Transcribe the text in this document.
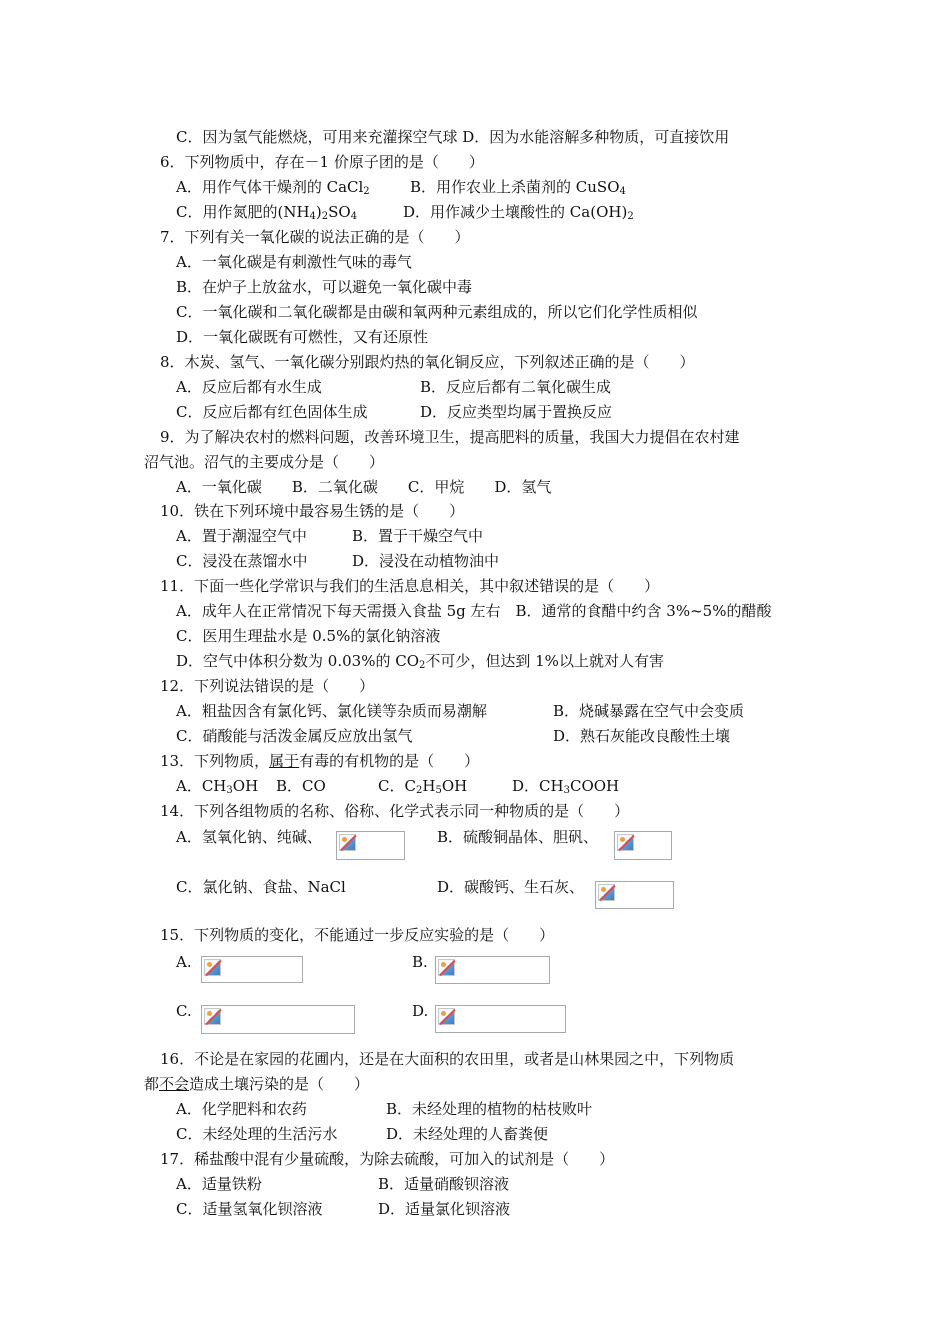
C．因为氢气能燃烧，可用来充灌探空气球 D．因为水能溶解多种物质，可直接饮用
6．下列物质中，存在－1 价原子团的是（　　）
A．用作气体干燥剂的 CaCl$_2$	B．用作农业上杀菌剂的 CuSO$_4$
C．用作氮肥的$(NH_4)_2SO_4$	D．用作减少土壤酸性的 $Ca(OH)_2$
7．下列有关一氧化碳的说法正确的是（　　）
A．一氧化碳是有刺激性气味的毒气
B．在炉子上放盆水，可以避免一氧化碳中毒
C．一氧化碳和二氧化碳都是由碳和氧两种元素组成的，所以它们化学性质相似
D．一氧化碳既有可燃性，又有还原性
8．木炭、氢气、一氧化碳分别跟灼热的氧化铜反应，下列叙述正确的是（　　）
A．反应后都有水生成	B．反应后都有二氧化碳生成
C．反应后都有红色固体生成	D．反应类型均属于置换反应
9．为了解决农村的燃料问题，改善环境卫生，提高肥料的质量，我国大力提倡在农村建
沼气池。沼气的主要成分是（　　）
A．一氧化碳　　B．二氧化碳　　C．甲烷　　D．氢气
10．铁在下列环境中最容易生锈的是（　　）
A．置于潮湿空气中	B．置于干燥空气中
C．浸没在蒸馏水中	D．浸没在动植物油中
11．下面一些化学常识与我们的生活息息相关，其中叙述错误的是（　　）
A．成年人在正常情况下每天需摄入食盐 5g 左右　B．通常的食醋中约含 3%~5%的醋酸
C．医用生理盐水是 0.5%的氯化钠溶液
D．空气中体积分数为 0.03%的 $CO_2$不可少，但达到 1%以上就对人有害
12．下列说法错误的是（　　）
A．粗盐因含有氯化钙、氯化镁等杂质而易潮解	B．烧碱暴露在空气中会变质
C．硝酸能与活泼金属反应放出氢气	D．熟石灰能改良酸性土壤
13．下列物质，属于有毒的有机物的是（　　）
A．$CH_3OH$ B．CO	C．$C_2H_5OH$	D．$CH_3COOH$
14．下列各组物质的名称、俗称、化学式表示同一种物质的是（　　）
A．氢氧化钠、纯碱、	B．硫酸铜晶体、胆矾、
C．氯化钠、食盐、NaCl	D．碳酸钙、生石灰、
15．下列物质的变化，不能通过一步反应实验的是（　　）
A.	B.
C.	D.
16．不论是在家园的花圃内，还是在大面积的农田里，或者是山林果园之中，下列物质
都不会造成土壤污染的是（　　）
A．化学肥料和农药	B．未经处理的植物的枯枝败叶
C．未经处理的生活污水	D．未经处理的人畜粪便
17．稀盐酸中混有少量硫酸，为除去硫酸，可加入的试剂是（　　）
A．适量铁粉	B．适量硝酸钡溶液
C．适量氢氧化钡溶液	D．适量氯化钡溶液
